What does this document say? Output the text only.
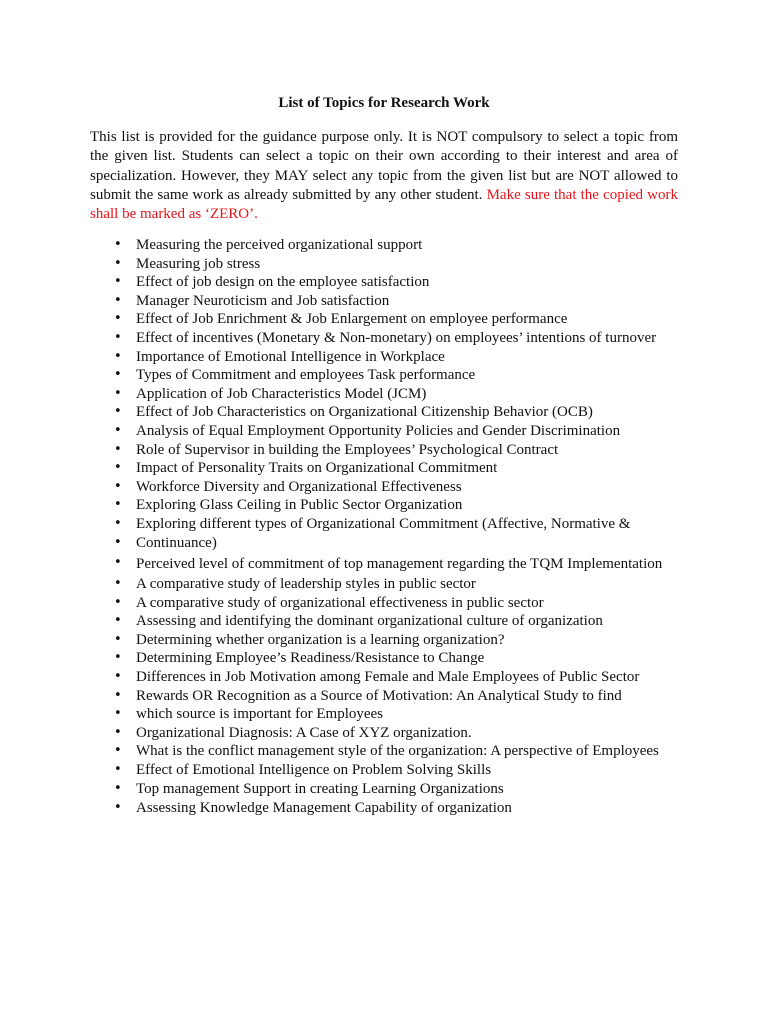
List of Topics for Research Work

This list is provided for the guidance purpose only. It is NOT compulsory to select a topic from the given list. Students can select a topic on their own according to their interest and area of specialization. However, they MAY select any topic from the given list but are NOT allowed to submit the same work as already submitted by any other student. Make sure that the copied work shall be marked as ‘ZERO’.

• Measuring the perceived organizational support
• Measuring job stress
• Effect of job design on the employee satisfaction
• Manager Neuroticism and Job satisfaction
• Effect of Job Enrichment & Job Enlargement on employee performance
• Effect of incentives (Monetary & Non-monetary) on employees’ intentions of turnover
• Importance of Emotional Intelligence in Workplace
• Types of Commitment and employees Task performance
• Application of Job Characteristics Model (JCM)
• Effect of Job Characteristics on Organizational Citizenship Behavior (OCB)
• Analysis of Equal Employment Opportunity Policies and Gender Discrimination
• Role of Supervisor in building the Employees’ Psychological Contract
• Impact of Personality Traits on Organizational Commitment
• Workforce Diversity and Organizational Effectiveness
• Exploring Glass Ceiling in Public Sector Organization
• Exploring different types of Organizational Commitment (Affective, Normative &
• Continuance)
• Perceived level of commitment of top management regarding the TQM Implementation
• A comparative study of leadership styles in public sector
• A comparative study of organizational effectiveness in public sector
• Assessing and identifying the dominant organizational culture of organization
• Determining whether organization is a learning organization?
• Determining Employee’s Readiness/Resistance to Change
• Differences in Job Motivation among Female and Male Employees of Public Sector
• Rewards OR Recognition as a Source of Motivation: An Analytical Study to find
• which source is important for Employees
• Organizational Diagnosis: A Case of XYZ organization.
• What is the conflict management style of the organization: A perspective of Employees
• Effect of Emotional Intelligence on Problem Solving Skills
• Top management Support in creating Learning Organizations
• Assessing Knowledge Management Capability of organization
